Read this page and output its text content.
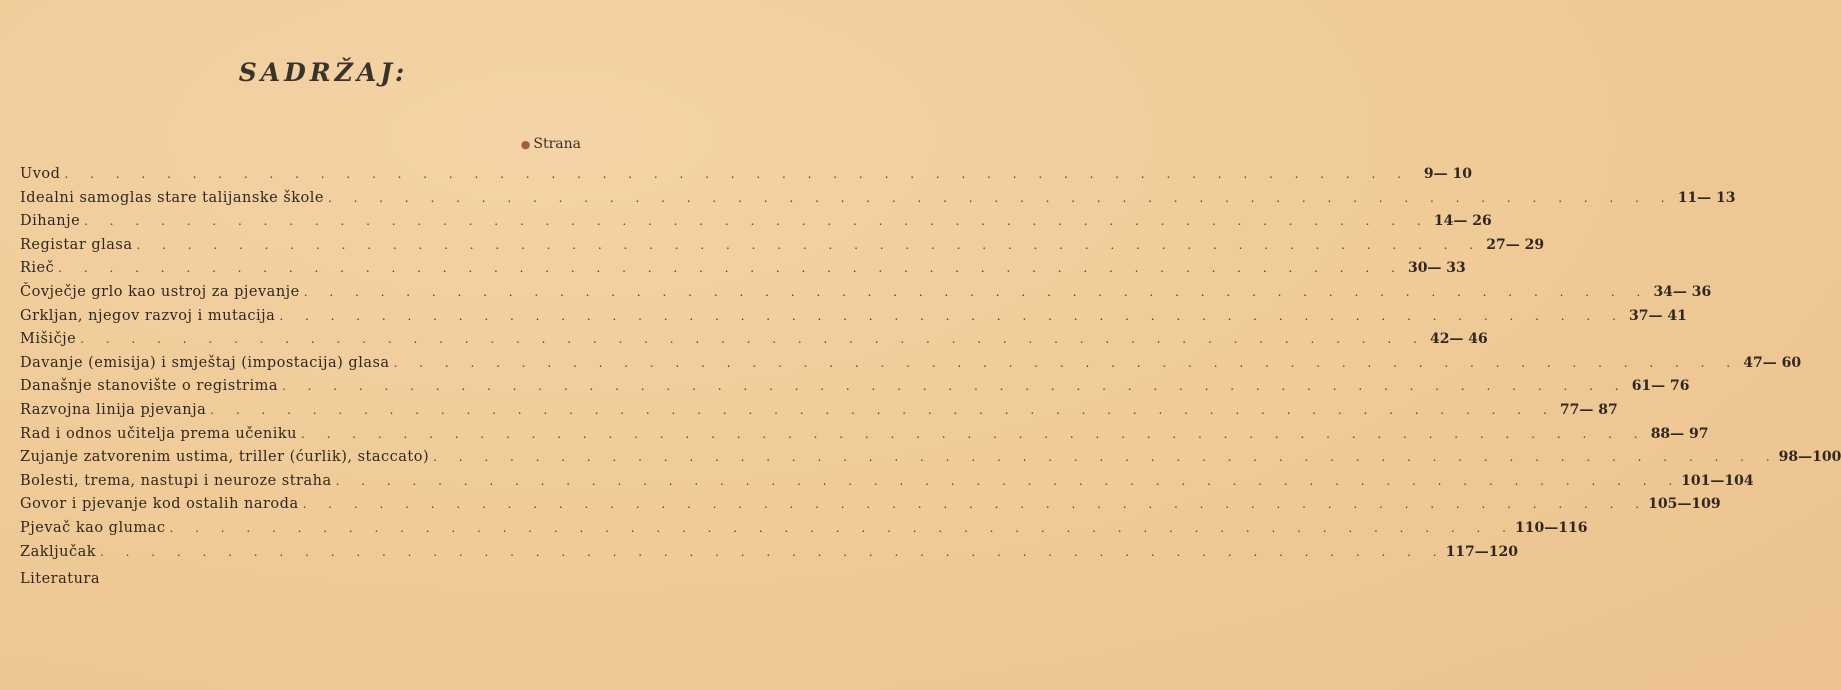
SADRŽAJ:
● Strana
Uvod . . . . . . . . . . . . . . . . . . . . . . . . . . . . . . . . . . . . . . . . . . . . . . . . . . . . . 9— 10
Idealni samoglas stare talijanske škole . . . . . . . . . . . . . . . . . . . . . . . . . . . . . . . . . . . . . . . . . . . . . . . . . . . . . 11— 13
Dihanje . . . . . . . . . . . . . . . . . . . . . . . . . . . . . . . . . . . . . . . . . . . . . . . . . . . . . 14— 26
Registar glasa . . . . . . . . . . . . . . . . . . . . . . . . . . . . . . . . . . . . . . . . . . . . . . . . . . . . . 27— 29
Rieč . . . . . . . . . . . . . . . . . . . . . . . . . . . . . . . . . . . . . . . . . . . . . . . . . . . . . 30— 33
Čovječje grlo kao ustroj za pjevanje . . . . . . . . . . . . . . . . . . . . . . . . . . . . . . . . . . . . . . . . . . . . . . . . . . . . . 34— 36
Grkljan, njegov razvoj i mutacija . . . . . . . . . . . . . . . . . . . . . . . . . . . . . . . . . . . . . . . . . . . . . . . . . . . . . 37— 41
Mišičje . . . . . . . . . . . . . . . . . . . . . . . . . . . . . . . . . . . . . . . . . . . . . . . . . . . . . 42— 46
Davanje (emisija) i smještaj (impostacija) glasa . . . . . . . . . . . . . . . . . . . . . . . . . . . . . . . . . . . . . . . . . . . . . . . . . . . . . 47— 60
Današnje stanovište o registrima . . . . . . . . . . . . . . . . . . . . . . . . . . . . . . . . . . . . . . . . . . . . . . . . . . . . . 61— 76
Razvojna linija pjevanja . . . . . . . . . . . . . . . . . . . . . . . . . . . . . . . . . . . . . . . . . . . . . . . . . . . . . 77— 87
Rad i odnos učitelja prema učeniku . . . . . . . . . . . . . . . . . . . . . . . . . . . . . . . . . . . . . . . . . . . . . . . . . . . . . 88— 97
Zujanje zatvorenim ustima, triller (ćurlik), staccato) . . . . . . . . . . . . . . . . . . . . . . . . . . . . . . . . . . . . . . . . . . . . . . . . . . . . . 98—100
Bolesti, trema, nastupi i neuroze straha . . . . . . . . . . . . . . . . . . . . . . . . . . . . . . . . . . . . . . . . . . . . . . . . . . . . . 101—104
Govor i pjevanje kod ostalih naroda . . . . . . . . . . . . . . . . . . . . . . . . . . . . . . . . . . . . . . . . . . . . . . . . . . . . . 105—109
Pjevač kao glumac . . . . . . . . . . . . . . . . . . . . . . . . . . . . . . . . . . . . . . . . . . . . . . . . . . . . . 110—116
Zaključak . . . . . . . . . . . . . . . . . . . . . . . . . . . . . . . . . . . . . . . . . . . . . . . . . . . . . 117—120
Literatura
